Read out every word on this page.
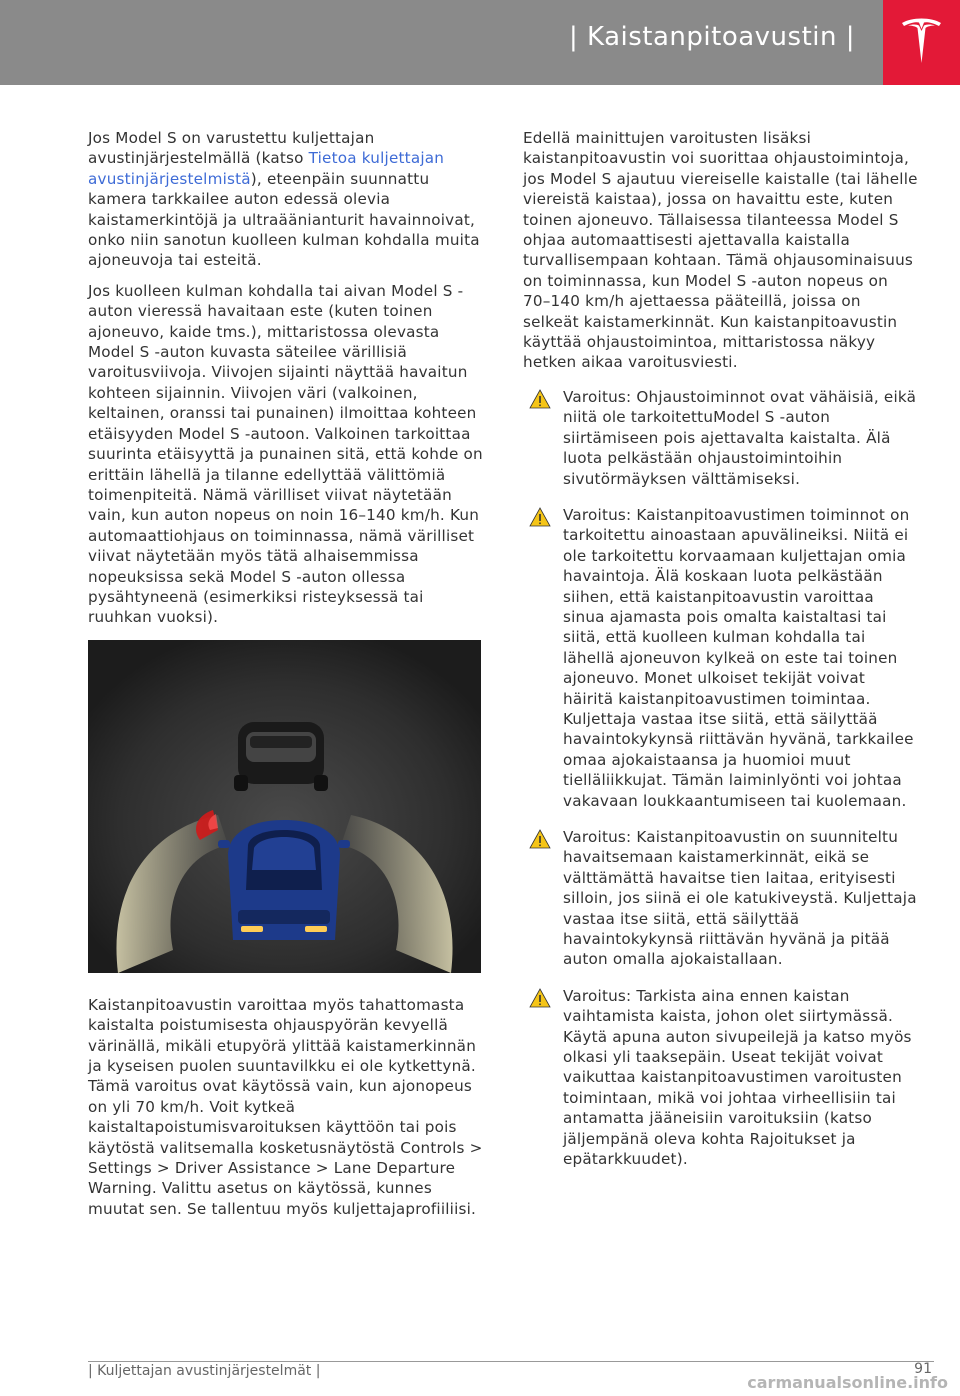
| Kaistanpitoavustin |

Jos Model S on varustettu kuljettajan avustinjärjestelmällä (katso Tietoa kuljettajan avustinjärjestelmistä), eteenpäin suunnattu kamera tarkkailee auton edessä olevia kaistamerkintöjä ja ultraäänianturit havainnoivat, onko niin sanotun kuolleen kulman kohdalla muita ajoneuvoja tai esteitä.

Jos kuolleen kulman kohdalla tai aivan Model S -auton vieressä havaitaan este (kuten toinen ajoneuvo, kaide tms.), mittaristossa olevasta Model S -auton kuvasta säteilee värillisiä varoitusviivoja. Viivojen sijainti näyttää havaitun kohteen sijainnin. Viivojen väri (valkoinen, keltainen, oranssi tai punainen) ilmoittaa kohteen etäisyyden Model S -autoon. Valkoinen tarkoittaa suurinta etäisyyttä ja punainen sitä, että kohde on erittäin lähellä ja tilanne edellyttää välittömiä toimenpiteitä. Nämä värilliset viivat näytetään vain, kun auton nopeus on noin 16–140 km/h. Kun automaattiohjaus on toiminnassa, nämä värilliset viivat näytetään myös tätä alhaisemmissa nopeuksissa sekä Model S -auton ollessa pysähtyneenä (esimerkiksi risteyksessä tai ruuhkan vuoksi).

Kaistanpitoavustin varoittaa myös tahattomasta kaistalta poistumisesta ohjauspyörän kevyellä värinällä, mikäli etupyörä ylittää kaistamerkinnän ja kyseisen puolen suuntavilkku ei ole kytkettynä. Tämä varoitus ovat käytössä vain, kun ajonopeus on yli 70 km/h. Voit kytkeä kaistaltapoistumisvaroituksen käyttöön tai pois käytöstä valitsemalla kosketusnäytöstä Controls > Settings > Driver Assistance > Lane Departure Warning. Valittu asetus on käytössä, kunnes muutat sen. Se tallentuu myös kuljettajaprofiiliisi.

Edellä mainittujen varoitusten lisäksi kaistanpitoavustin voi suorittaa ohjaustoimintoja, jos Model S ajautuu viereiselle kaistalle (tai lähelle viereistä kaistaa), jossa on havaittu este, kuten toinen ajoneuvo. Tällaisessa tilanteessa Model S ohjaa automaattisesti ajettavalla kaistalla turvallisempaan kohtaan. Tämä ohjausominaisuus on toiminnassa, kun Model S -auton nopeus on 70–140 km/h ajettaessa pääteillä, joissa on selkeät kaistamerkinnät. Kun kaistanpitoavustin käyttää ohjaustoimintoa, mittaristossa näkyy hetken aikaa varoitusviesti.

Varoitus: Ohjaustoiminnot ovat vähäisiä, eikä niitä ole tarkoitettuModel S -auton siirtämiseen pois ajettavalta kaistalta. Älä luota pelkästään ohjaustoimintoihin sivutörmäyksen välttämiseksi.
Varoitus: Kaistanpitoavustimen toiminnot on tarkoitettu ainoastaan apuvälineiksi. Niitä ei ole tarkoitettu korvaamaan kuljettajan omia havaintoja. Älä koskaan luota pelkästään siihen, että kaistanpitoavustin varoittaa sinua ajamasta pois omalta kaistaltasi tai siitä, että kuolleen kulman kohdalla tai lähellä ajoneuvon kylkeä on este tai toinen ajoneuvo. Monet ulkoiset tekijät voivat häiritä kaistanpitoavustimen toimintaa. Kuljettaja vastaa itse siitä, että säilyttää havaintokykynsä riittävän hyvänä, tarkkailee omaa ajokaistaansa ja huomioi muut tielläliikkujat. Tämän laiminlyönti voi johtaa vakavaan loukkaantumiseen tai kuolemaan.
Varoitus: Kaistanpitoavustin on suunniteltu havaitsemaan kaistamerkinnät, eikä se välttämättä havaitse tien laitaa, erityisesti silloin, jos siinä ei ole katukiveystä. Kuljettaja vastaa itse siitä, että säilyttää havaintokykynsä riittävän hyvänä ja pitää auton omalla ajokaistallaan.
Varoitus: Tarkista aina ennen kaistan vaihtamista kaista, johon olet siirtymässä. Käytä apuna auton sivupeilejä ja katso myös olkasi yli taaksepäin. Useat tekijät voivat vaikuttaa kaistanpitoavustimen varoitusten toimintaan, mikä voi johtaa virheellisiin tai antamatta jääneisiin varoituksiin (katso jäljempänä oleva kohta Rajoitukset ja epätarkkuudet).
| Kuljettajan avustinjärjestelmät |	91
carmanualsonline.info
